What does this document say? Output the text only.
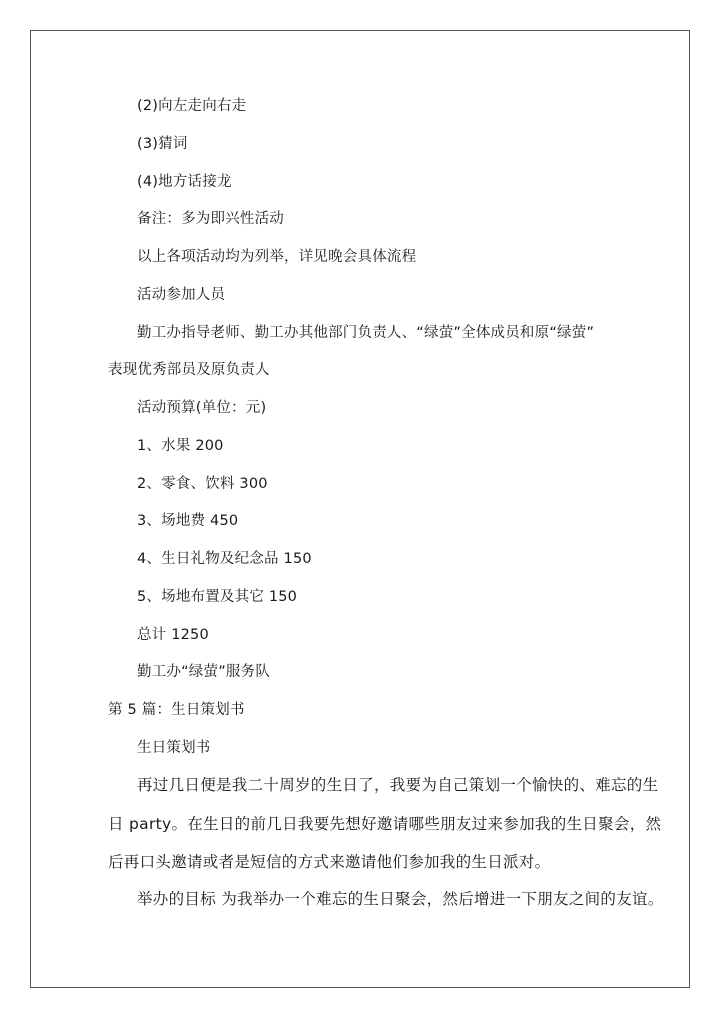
(2)向左走向右走
(3)猜词
(4)地方话接龙
备注：多为即兴性活动
以上各项活动均为列举，详见晚会具体流程
活动参加人员
勤工办指导老师、勤工办其他部门负责人、“绿萤”全体成员和原“绿萤”
表现优秀部员及原负责人
活动预算(单位：元)
1、水果 200
2、零食、饮料 300
3、场地费 450
4、生日礼物及纪念品 150
5、场地布置及其它 150
总计 1250
勤工办“绿萤”服务队
第 5 篇：生日策划书
生日策划书
再过几日便是我二十周岁的生日了，我要为自己策划一个愉快的、难忘的生
日 party。在生日的前几日我要先想好邀请哪些朋友过来参加我的生日聚会，然
后再口头邀请或者是短信的方式来邀请他们参加我的生日派对。
举办的目标 为我举办一个难忘的生日聚会，然后增进一下朋友之间的友谊。
